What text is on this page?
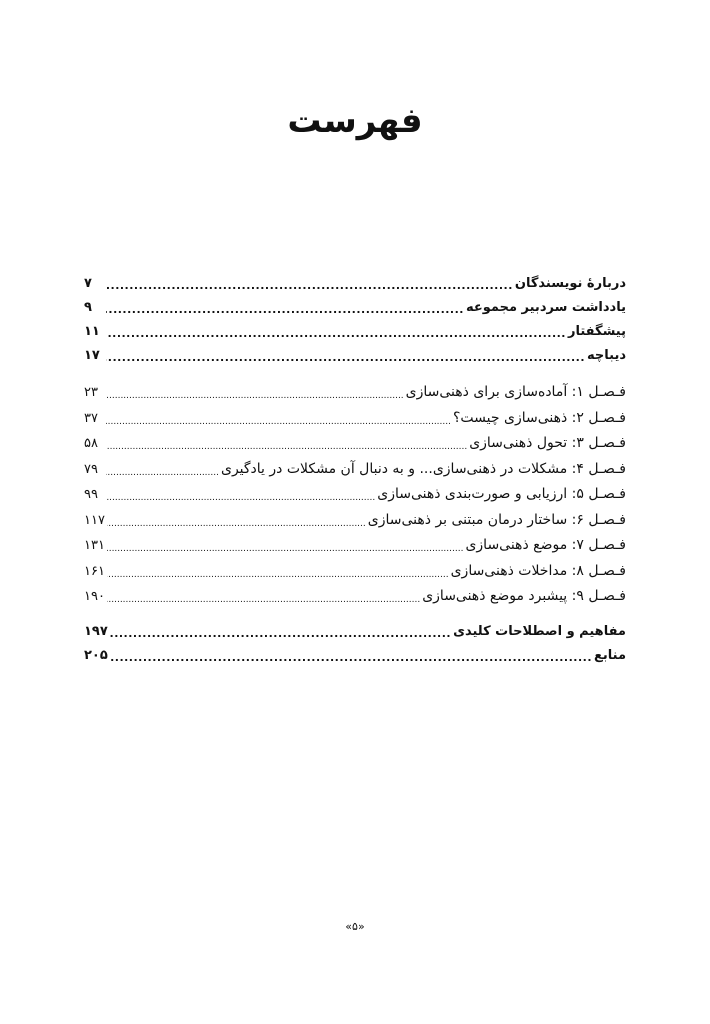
فهرست
دربارهٔ نویسندگان
.....
۷
یادداشت سردبیر مجموعه
.....
۹
پیشگفتار
.....
۱۱
دیباچه
.....
۱۷
فـصـل ۱: آماده‌سازی برای ذهنی‌سازی
.....
۲۳
فـصـل ۲: ذهنی‌سازی چیست؟
.....
۳۷
فـصـل ۳: تحول ذهنی‌سازی
.....
۵۸
فـصـل ۴: مشکلات در ذهنی‌سازی... و به دنبال آن مشکلات در یادگیری
.....
۷۹
فـصـل ۵: ارزیابی و صورت‌بندی ذهنی‌سازی
.....
۹۹
فـصـل ۶: ساختار درمان مبتنی بر ذهنی‌سازی
.....
۱۱۷
فـصـل ۷: موضع ذهنی‌سازی
.....
۱۳۱
فـصـل ۸: مداخلات ذهنی‌سازی
.....
۱۶۱
فـصـل ۹: پیشبرد موضع ذهنی‌سازی
.....
۱۹۰
مفاهیم و اصطلاحات کلیدی
.....
۱۹۷
منابع
.....
۲۰۵
«۵»
